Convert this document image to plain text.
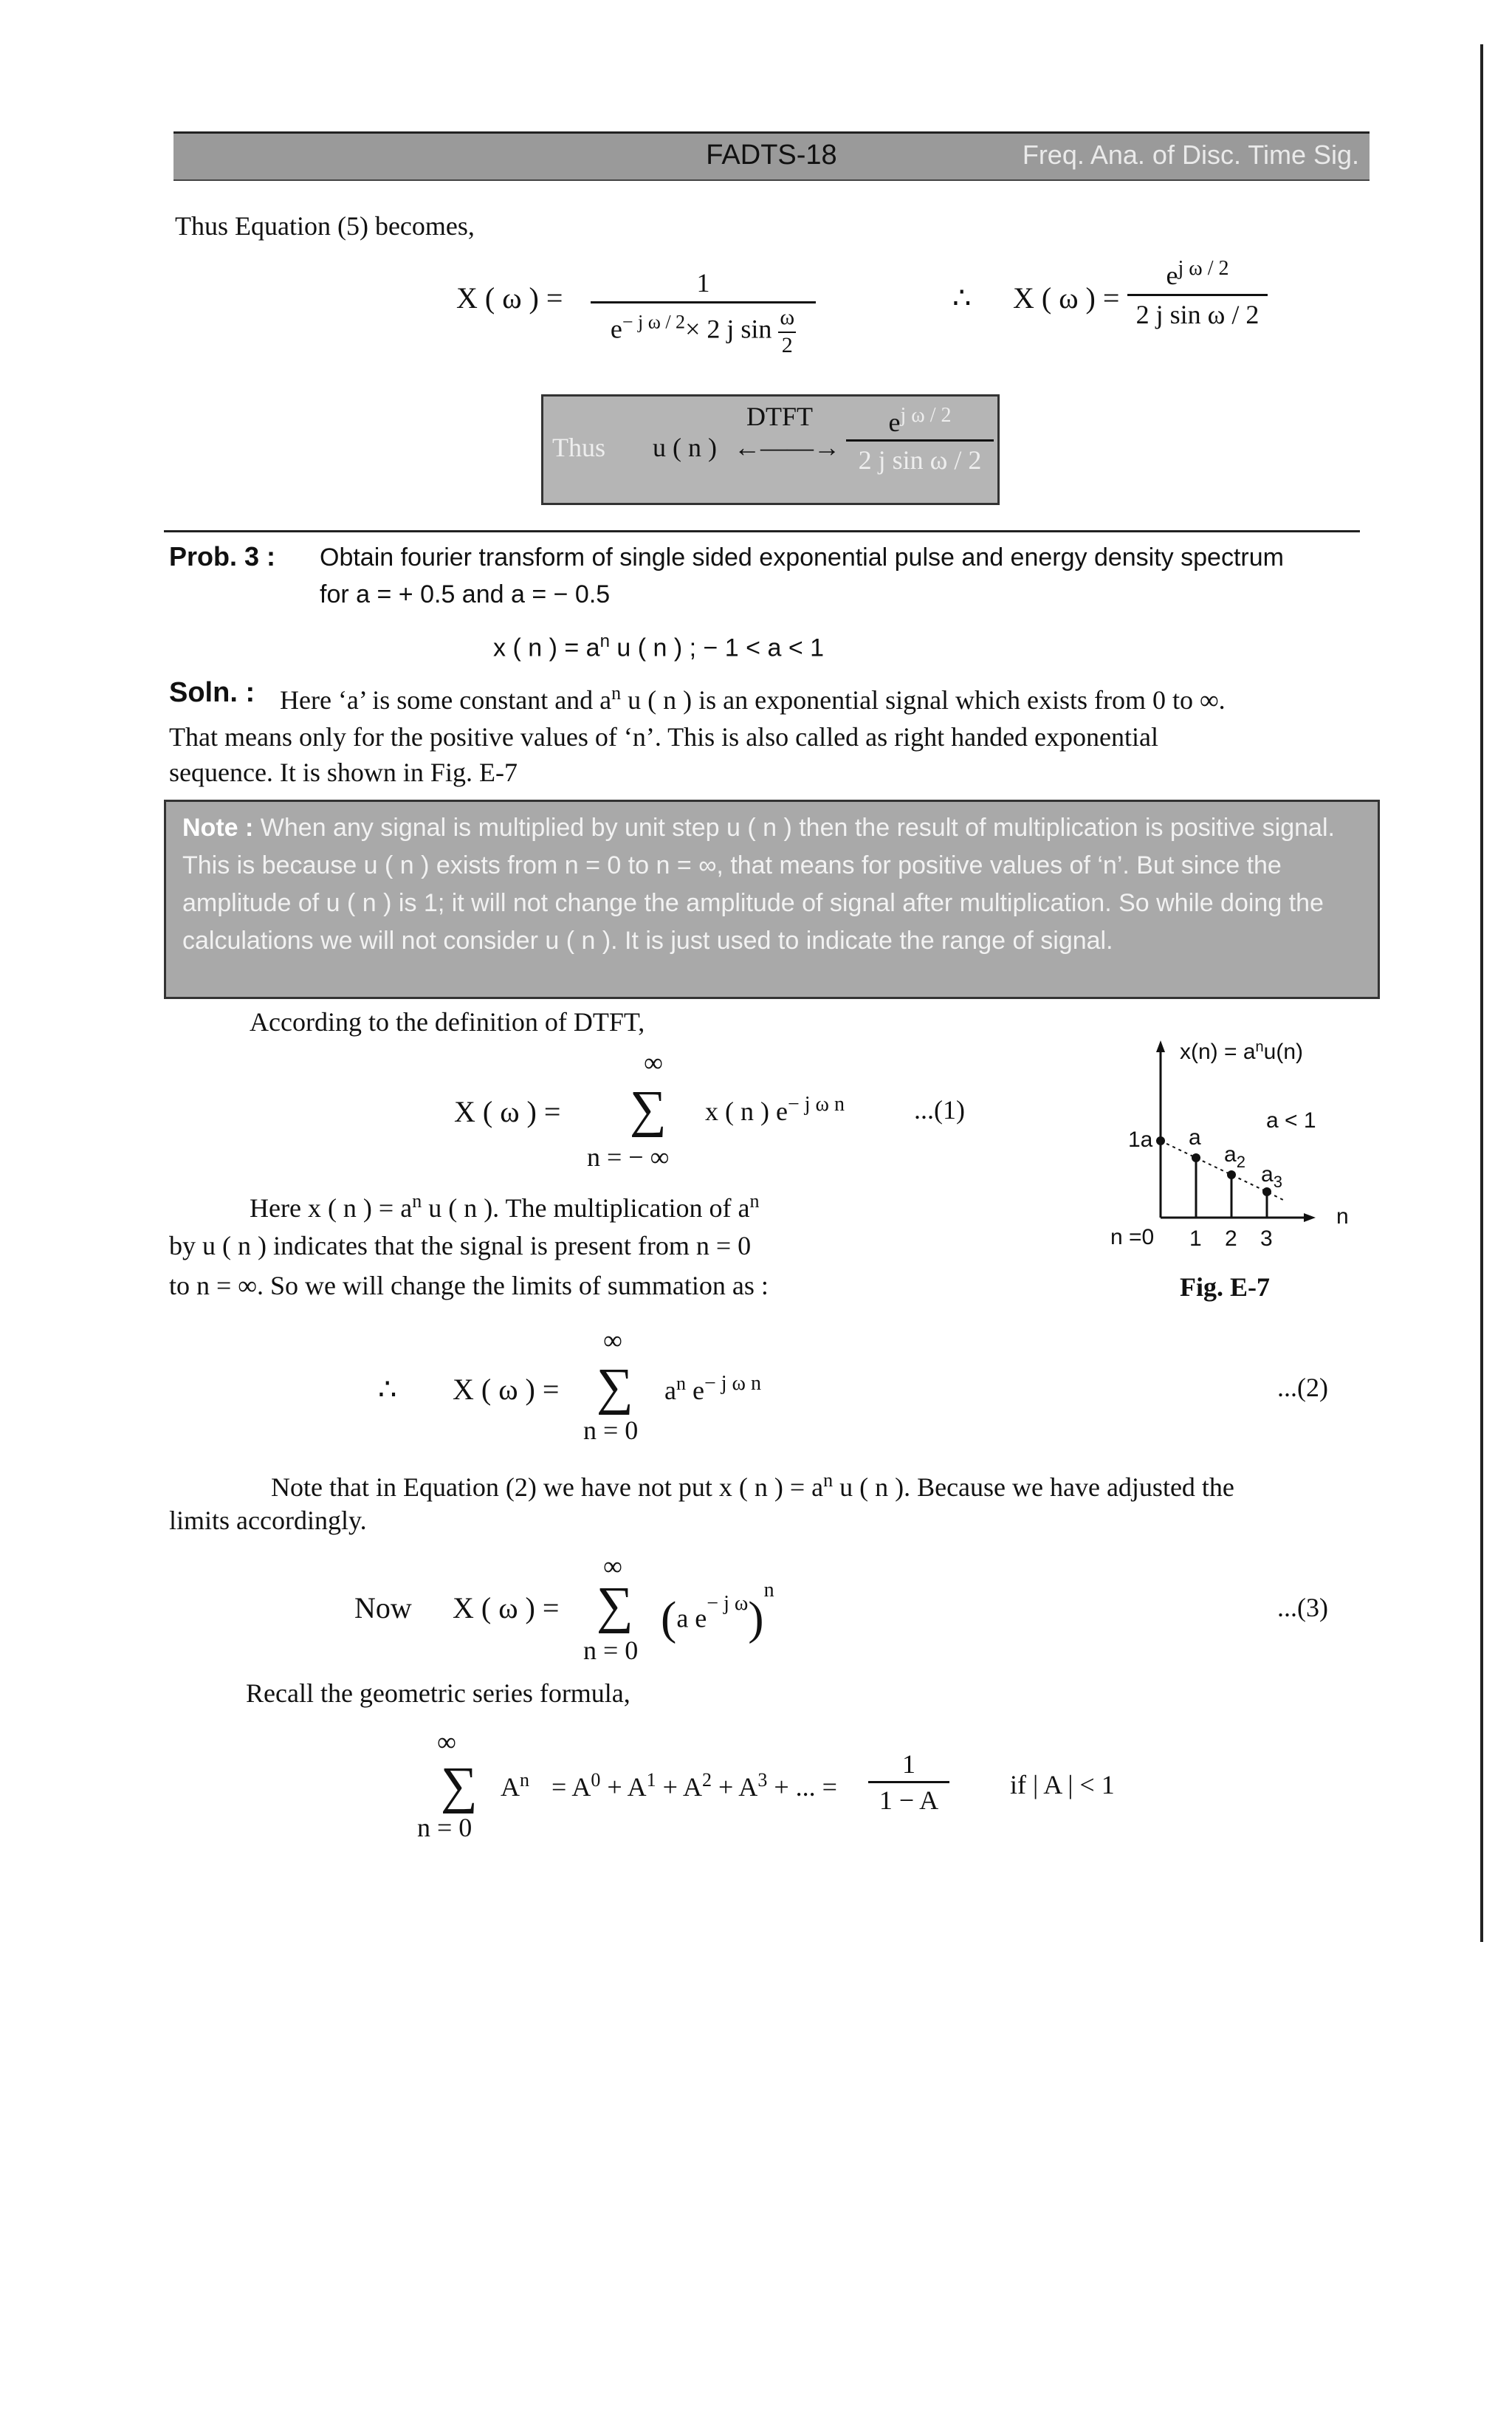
FADTS-18	Freq. Ana. of Disc. Time Sig.
Thus Equation (5) becomes,
X ( ω ) = $\frac{1}{e^{- j \omega / 2}\times 2 j \sin \frac{\omega}{2}}$	∴ X ( ω ) = $\frac{e^{j \omega / 2}}{\text{2 j sin ω / 2}}$
Thus u ( n )
DTFT
←——→ $\frac{e^{j \omega / 2}}{\text{2 j sin ω / 2}}$
Prob. 3 : Obtain fourier transform of single sided exponential pulse and energy density spectrum
for a = + 0.5 and a = − 0.5
x ( n ) = $a^n$ u ( n ) ; − 1 < a < 1
Soln. : Here ‘a’ is some constant and $a^n$ u ( n ) is an exponential signal which exists from 0 to ∞.
That means only for the positive values of ‘n’. This is also called as right handed exponential
sequence. It is shown in Fig. E-7
Note : When any signal is multiplied by unit step u ( n ) then the result of multiplication is positive signal. This is because u ( n ) exists from n = 0 to n = ∞, that means for positive values of ‘n’. But since the amplitude of u ( n ) is 1; it will not change the amplitude of signal after multiplication. So while doing the calculations we will not consider u ( n ). It is just used to indicate the range of signal.
According to the definition of DTFT,
∞
X ( ω ) = ∑ x ( n ) $e^{- j \omega n}$	...(1)
n = − ∞
Here x ( n ) = $a^n$ u ( n ). The multiplication of $a^n$
by u ( n ) indicates that the signal is present from n = 0
to n = ∞. So we will change the limits of summation as :
$x(n) = a^nu(n)$
a < 1
1a a
$a_2$
$a_3$
n
n =0 1 2 3
Fig. E-7
∞
∴ X ( ω ) = ∑ $a^n$ $e^{- j \omega n}$	...(2)
n = 0
Note that in Equation (2) we have not put x ( n ) = $a^n$ u ( n ). Because we have adjusted the
limits accordingly.
∞
Now X ( ω ) = ∑ (a $e^{- j \omega})^n$
...(3)
n = 0
Recall the geometric series formula,
∞
∑ $A^n = A^0 + A^1 + A^2 + A^3$ + ... = $\frac{1}{1 - A}$ if | A | < 1
n = 0
